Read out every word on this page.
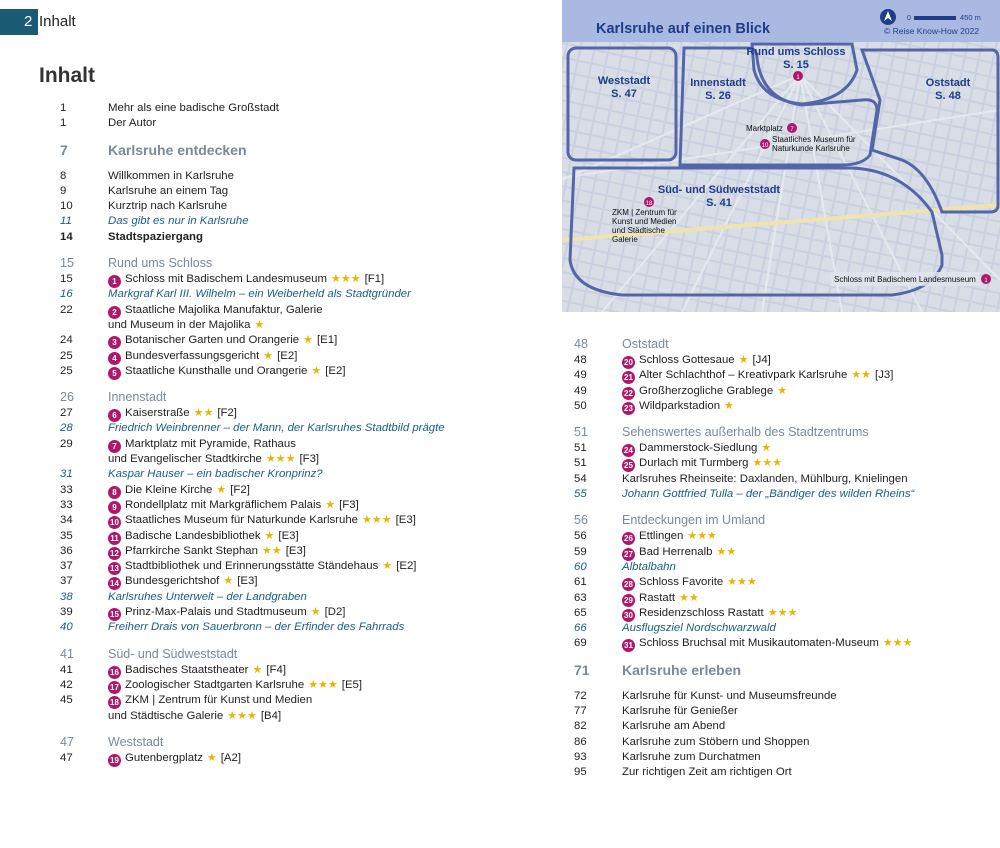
2 Inhalt
Inhalt
1	Mehr als eine badische Großstadt
1	Der Autor
7	Karlsruhe entdecken
8	Willkommen in Karlsruhe
9	Karlsruhe an einem Tag
10	Kurztrip nach Karlsruhe
11	Das gibt es nur in Karlsruhe
14	Stadtspaziergang
15	Rund ums Schloss
15	1 Schloss mit Badischem Landesmuseum ★★★ [F1]
16	Markgraf Karl III. Wilhelm – ein Weiberheld als Stadtgründer
22	2 Staatliche Majolika Manufaktur, Galerie
und Museum in der Majolika ★
24	3 Botanischer Garten und Orangerie ★ [E1]
25	4 Bundesverfassungsgericht ★ [E2]
25	5 Staatliche Kunsthalle und Orangerie ★ [E2]
26	Innenstadt
27	6 Kaiserstraße ★★ [F2]
28	Friedrich Weinbrenner – der Mann, der Karlsruhes Stadtbild prägte
29	7 Marktplatz mit Pyramide, Rathaus
und Evangelischer Stadtkirche ★★★ [F3]
31	Kaspar Hauser – ein badischer Kronprinz?
33	8 Die Kleine Kirche ★ [F2]
33	9 Rondellplatz mit Markgräflichem Palais ★ [F3]
34	10 Staatliches Museum für Naturkunde Karlsruhe ★★★ [E3]
35	11 Badische Landesbibliothek ★ [E3]
36	12 Pfarrkirche Sankt Stephan ★★ [E3]
37	13 Stadtbibliothek und Erinnerungsstätte Ständehaus ★ [E2]
37	14 Bundesgerichtshof ★ [E3]
38	Karlsruhes Unterwelt – der Landgraben
39	15 Prinz-Max-Palais und Stadtmuseum ★ [D2]
40	Freiherr Drais von Sauerbronn – der Erfinder des Fahrrads
41	Süd- und Südweststadt
41	16 Badisches Staatstheater ★ [F4]
42	17 Zoologischer Stadtgarten Karlsruhe ★★★ [E5]
45	18 ZKM | Zentrum für Kunst und Medien
und Städtische Galerie ★★★ [B4]
47	Weststadt
47	19 Gutenbergplatz ★ [A2]
48	Oststadt
48	20 Schloss Gottesaue ★ [J4]
49	21 Alter Schlachthof – Kreativpark Karlsruhe ★★ [J3]
49	22 Großherzogliche Grablege ★
50	23 Wildparkstadion ★
51	Sehenswertes außerhalb des Stadtzentrums
51	24 Dammerstock-Siedlung ★
51	25 Durlach mit Turmberg ★★★
54	Karlsruhes Rheinseite: Daxlanden, Mühlburg, Knielingen
55	Johann Gottfried Tulla – der „Bändiger des wilden Rheins“
56	Entdeckungen im Umland
56	26 Ettlingen ★★★
59	27 Bad Herrenalb ★★
60	Albtalbahn
61	28 Schloss Favorite ★★★
63	29 Rastatt ★★
65	30 Residenzschloss Rastatt ★★★
66	Ausflugsziel Nordschwarzwald
69	31 Schloss Bruchsal mit Musikautomaten-Museum ★★★
71	Karlsruhe erleben
72	Karlsruhe für Kunst- und Museumsfreunde
77	Karlsruhe für Genießer
82	Karlsruhe am Abend
86	Karlsruhe zum Stöbern und Shoppen
93	Karlsruhe zum Durchatmen
95	Zur richtigen Zeit am richtigen Ort
Karlsruhe auf einen Blick
0	450 m
© Reise Know-How 2022
Rund ums Schloss
S. 15
Weststadt
S. 47
Innenstadt
S. 26
Oststadt
S. 48
Süd- und Südweststadt
S. 41
1
Marktplatz 7
10
Staatliches Museum für Naturkunde Karlsruhe
18
ZKM | Zentrum für Kunst und Medien und Städtische Galerie
Schloss mit Badischem Landesmuseum 1
